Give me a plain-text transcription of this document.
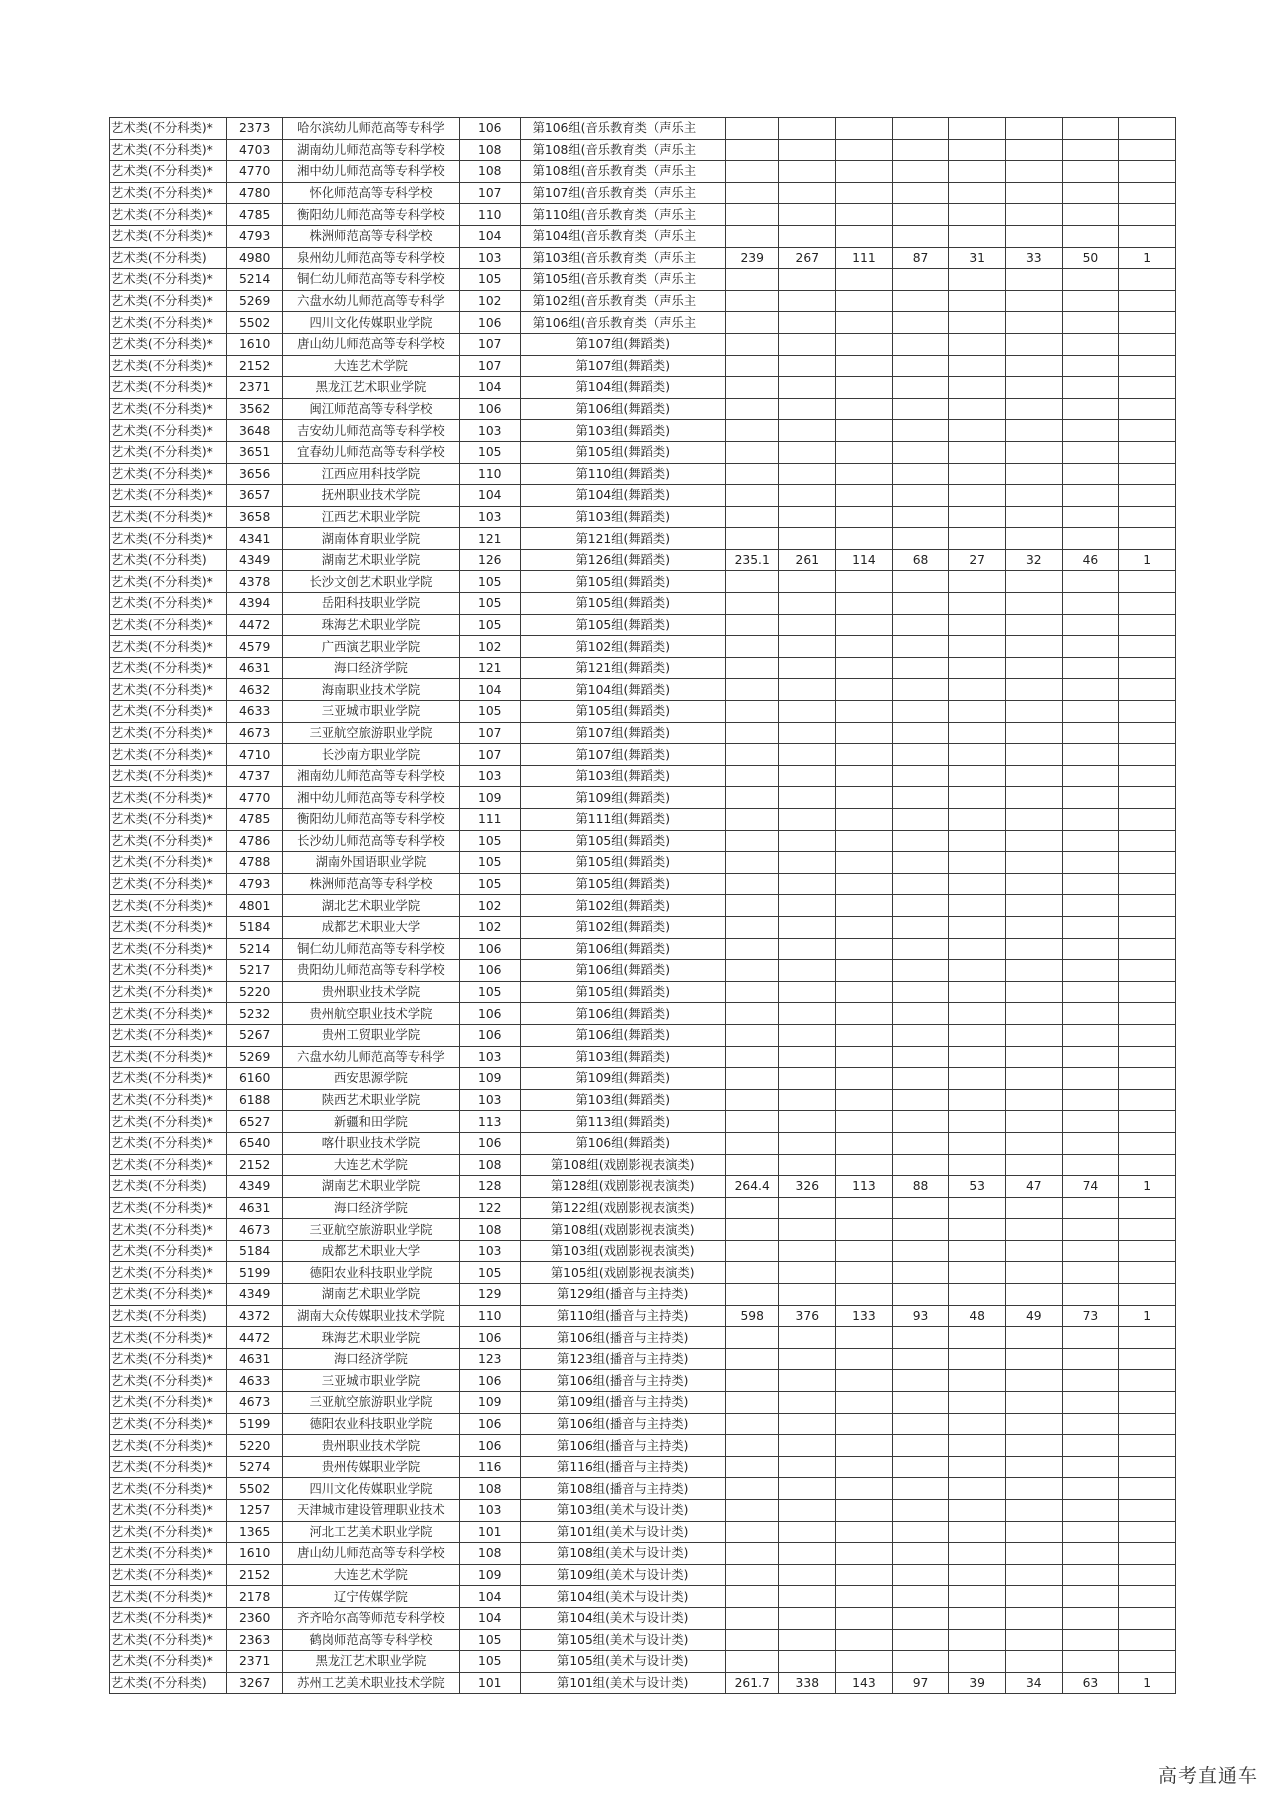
艺术类(不分科类)*	2373	哈尔滨幼儿师范高等专科学	106	第106组(音乐教育类（声乐主								
艺术类(不分科类)*	4703	湖南幼儿师范高等专科学校	108	第108组(音乐教育类（声乐主								
艺术类(不分科类)*	4770	湘中幼儿师范高等专科学校	108	第108组(音乐教育类（声乐主								
艺术类(不分科类)*	4780	怀化师范高等专科学校	107	第107组(音乐教育类（声乐主								
艺术类(不分科类)*	4785	衡阳幼儿师范高等专科学校	110	第110组(音乐教育类（声乐主								
艺术类(不分科类)*	4793	株洲师范高等专科学校	104	第104组(音乐教育类（声乐主								
艺术类(不分科类)	4980	泉州幼儿师范高等专科学校	103	第103组(音乐教育类（声乐主	239	267	111	87	31	33	50	1
艺术类(不分科类)*	5214	铜仁幼儿师范高等专科学校	105	第105组(音乐教育类（声乐主								
艺术类(不分科类)*	5269	六盘水幼儿师范高等专科学	102	第102组(音乐教育类（声乐主								
艺术类(不分科类)*	5502	四川文化传媒职业学院	106	第106组(音乐教育类（声乐主								
艺术类(不分科类)*	1610	唐山幼儿师范高等专科学校	107	第107组(舞蹈类)								
艺术类(不分科类)*	2152	大连艺术学院	107	第107组(舞蹈类)								
艺术类(不分科类)*	2371	黑龙江艺术职业学院	104	第104组(舞蹈类)								
艺术类(不分科类)*	3562	闽江师范高等专科学校	106	第106组(舞蹈类)								
艺术类(不分科类)*	3648	吉安幼儿师范高等专科学校	103	第103组(舞蹈类)								
艺术类(不分科类)*	3651	宜春幼儿师范高等专科学校	105	第105组(舞蹈类)								
艺术类(不分科类)*	3656	江西应用科技学院	110	第110组(舞蹈类)								
艺术类(不分科类)*	3657	抚州职业技术学院	104	第104组(舞蹈类)								
艺术类(不分科类)*	3658	江西艺术职业学院	103	第103组(舞蹈类)								
艺术类(不分科类)*	4341	湖南体育职业学院	121	第121组(舞蹈类)								
艺术类(不分科类)	4349	湖南艺术职业学院	126	第126组(舞蹈类)	235.1	261	114	68	27	32	46	1
艺术类(不分科类)*	4378	长沙文创艺术职业学院	105	第105组(舞蹈类)								
艺术类(不分科类)*	4394	岳阳科技职业学院	105	第105组(舞蹈类)								
艺术类(不分科类)*	4472	珠海艺术职业学院	105	第105组(舞蹈类)								
艺术类(不分科类)*	4579	广西演艺职业学院	102	第102组(舞蹈类)								
艺术类(不分科类)*	4631	海口经济学院	121	第121组(舞蹈类)								
艺术类(不分科类)*	4632	海南职业技术学院	104	第104组(舞蹈类)								
艺术类(不分科类)*	4633	三亚城市职业学院	105	第105组(舞蹈类)								
艺术类(不分科类)*	4673	三亚航空旅游职业学院	107	第107组(舞蹈类)								
艺术类(不分科类)*	4710	长沙南方职业学院	107	第107组(舞蹈类)								
艺术类(不分科类)*	4737	湘南幼儿师范高等专科学校	103	第103组(舞蹈类)								
艺术类(不分科类)*	4770	湘中幼儿师范高等专科学校	109	第109组(舞蹈类)								
艺术类(不分科类)*	4785	衡阳幼儿师范高等专科学校	111	第111组(舞蹈类)								
艺术类(不分科类)*	4786	长沙幼儿师范高等专科学校	105	第105组(舞蹈类)								
艺术类(不分科类)*	4788	湖南外国语职业学院	105	第105组(舞蹈类)								
艺术类(不分科类)*	4793	株洲师范高等专科学校	105	第105组(舞蹈类)								
艺术类(不分科类)*	4801	湖北艺术职业学院	102	第102组(舞蹈类)								
艺术类(不分科类)*	5184	成都艺术职业大学	102	第102组(舞蹈类)								
艺术类(不分科类)*	5214	铜仁幼儿师范高等专科学校	106	第106组(舞蹈类)								
艺术类(不分科类)*	5217	贵阳幼儿师范高等专科学校	106	第106组(舞蹈类)								
艺术类(不分科类)*	5220	贵州职业技术学院	105	第105组(舞蹈类)								
艺术类(不分科类)*	5232	贵州航空职业技术学院	106	第106组(舞蹈类)								
艺术类(不分科类)*	5267	贵州工贸职业学院	106	第106组(舞蹈类)								
艺术类(不分科类)*	5269	六盘水幼儿师范高等专科学	103	第103组(舞蹈类)								
艺术类(不分科类)*	6160	西安思源学院	109	第109组(舞蹈类)								
艺术类(不分科类)*	6188	陕西艺术职业学院	103	第103组(舞蹈类)								
艺术类(不分科类)*	6527	新疆和田学院	113	第113组(舞蹈类)								
艺术类(不分科类)*	6540	喀什职业技术学院	106	第106组(舞蹈类)								
艺术类(不分科类)*	2152	大连艺术学院	108	第108组(戏剧影视表演类)								
艺术类(不分科类)	4349	湖南艺术职业学院	128	第128组(戏剧影视表演类)	264.4	326	113	88	53	47	74	1
艺术类(不分科类)*	4631	海口经济学院	122	第122组(戏剧影视表演类)								
艺术类(不分科类)*	4673	三亚航空旅游职业学院	108	第108组(戏剧影视表演类)								
艺术类(不分科类)*	5184	成都艺术职业大学	103	第103组(戏剧影视表演类)								
艺术类(不分科类)*	5199	德阳农业科技职业学院	105	第105组(戏剧影视表演类)								
艺术类(不分科类)*	4349	湖南艺术职业学院	129	第129组(播音与主持类)								
艺术类(不分科类)	4372	湖南大众传媒职业技术学院	110	第110组(播音与主持类)	598	376	133	93	48	49	73	1
艺术类(不分科类)*	4472	珠海艺术职业学院	106	第106组(播音与主持类)								
艺术类(不分科类)*	4631	海口经济学院	123	第123组(播音与主持类)								
艺术类(不分科类)*	4633	三亚城市职业学院	106	第106组(播音与主持类)								
艺术类(不分科类)*	4673	三亚航空旅游职业学院	109	第109组(播音与主持类)								
艺术类(不分科类)*	5199	德阳农业科技职业学院	106	第106组(播音与主持类)								
艺术类(不分科类)*	5220	贵州职业技术学院	106	第106组(播音与主持类)								
艺术类(不分科类)*	5274	贵州传媒职业学院	116	第116组(播音与主持类)								
艺术类(不分科类)*	5502	四川文化传媒职业学院	108	第108组(播音与主持类)								
艺术类(不分科类)*	1257	天津城市建设管理职业技术	103	第103组(美术与设计类)								
艺术类(不分科类)*	1365	河北工艺美术职业学院	101	第101组(美术与设计类)								
艺术类(不分科类)*	1610	唐山幼儿师范高等专科学校	108	第108组(美术与设计类)								
艺术类(不分科类)*	2152	大连艺术学院	109	第109组(美术与设计类)								
艺术类(不分科类)*	2178	辽宁传媒学院	104	第104组(美术与设计类)								
艺术类(不分科类)*	2360	齐齐哈尔高等师范专科学校	104	第104组(美术与设计类)								
艺术类(不分科类)*	2363	鹤岗师范高等专科学校	105	第105组(美术与设计类)								
艺术类(不分科类)*	2371	黑龙江艺术职业学院	105	第105组(美术与设计类)								
艺术类(不分科类)	3267	苏州工艺美术职业技术学院	101	第101组(美术与设计类)	261.7	338	143	97	39	34	63	1
高考直通车
